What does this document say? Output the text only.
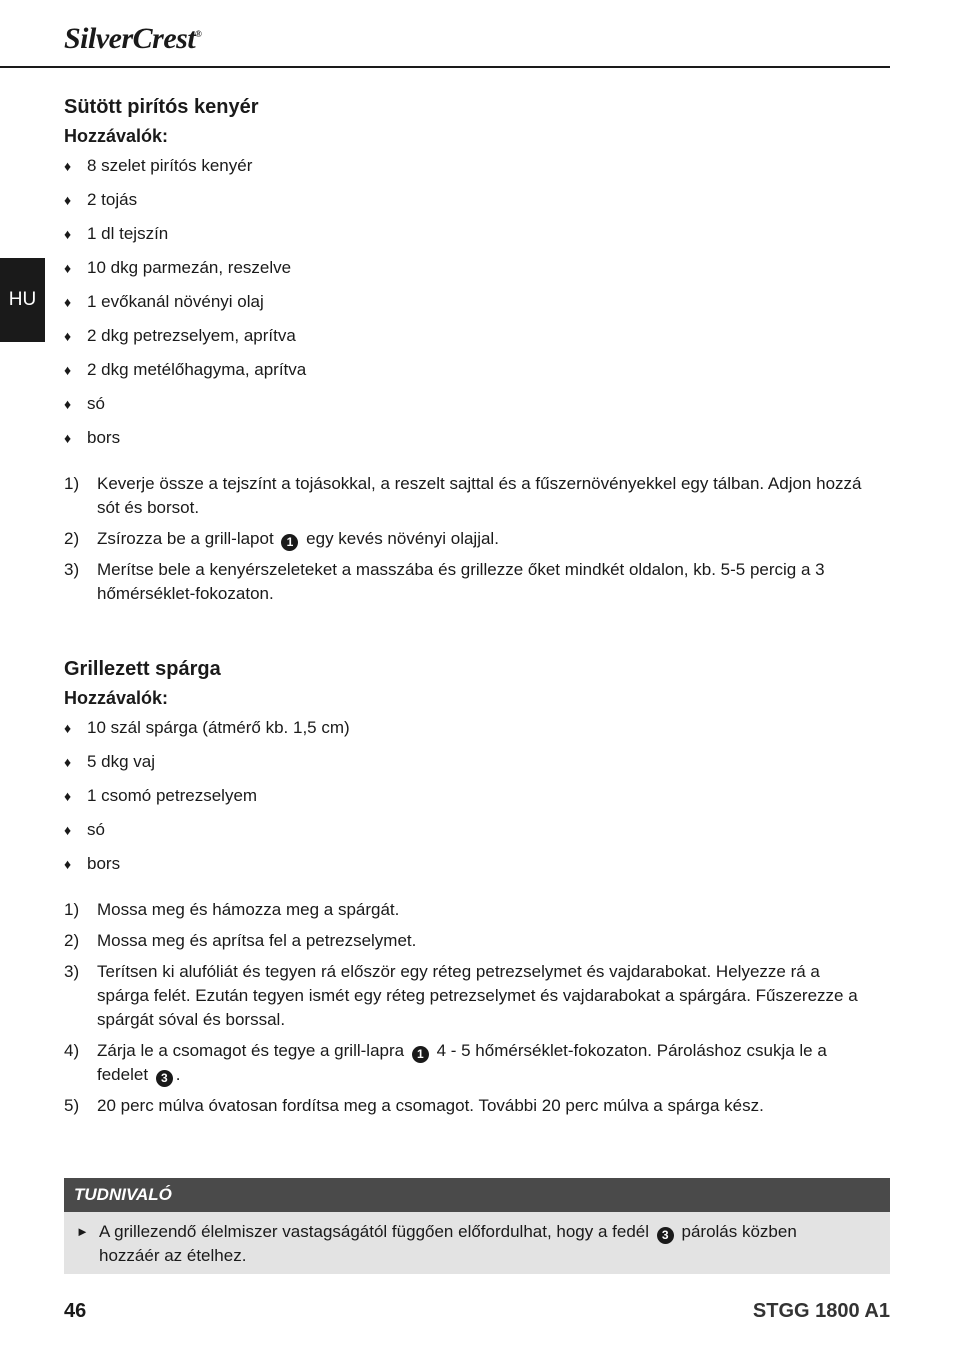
SilverCrest®
HU
Sütött pirítós kenyér
Hozzávalók:
♦ 8 szelet pirítós kenyér
♦ 2 tojás
♦ 1 dl tejszín
♦ 10 dkg parmezán, reszelve
♦ 1 evőkanál növényi olaj
♦ 2 dkg petrezselyem, aprítva
♦ 2 dkg metélőhagyma, aprítva
♦ só
♦ bors
1)	Keverje össze a tejszínt a tojásokkal, a reszelt sajttal és a fűszernövényekkel egy tálban. Adjon hozzá sót és borsot.
2)	Zsírozza be a grill-lapot 1 egy kevés növényi olajjal.
3)	Merítse bele a kenyérszeleteket a masszába és grillezze őket mindkét oldalon, kb. 5-5 percig a 3 hőmérséklet-fokozaton.
Grillezett spárga
Hozzávalók:
♦ 10 szál spárga (átmérő kb. 1,5 cm)
♦ 5 dkg vaj
♦ 1 csomó petrezselyem
♦ só
♦ bors
1)	Mossa meg és hámozza meg a spárgát.
2)	Mossa meg és aprítsa fel a petrezselymet.
3)	Terítsen ki alufóliát és tegyen rá először egy réteg petrezselymet és vajdarabokat. Helyezze rá a spárga felét. Ezután tegyen ismét egy réteg petrezselymet és vajdarabokat a spárgára. Fűszerezze a spárgát sóval és borssal.
4)	Zárja le a csomagot és tegye a grill-lapra 1 4 - 5 hőmérséklet-fokozaton. Pároláshoz csukja le a fedelet 3 .
5)	20 perc múlva óvatosan fordítsa meg a csomagot. További 20 perc múlva a spárga kész.
TUDNIVALÓ
► A grillezendő élelmiszer vastagságától függően előfordulhat, hogy a fedél 3 párolás közben hozzáér az ételhez.
46	STGG 1800 A1
